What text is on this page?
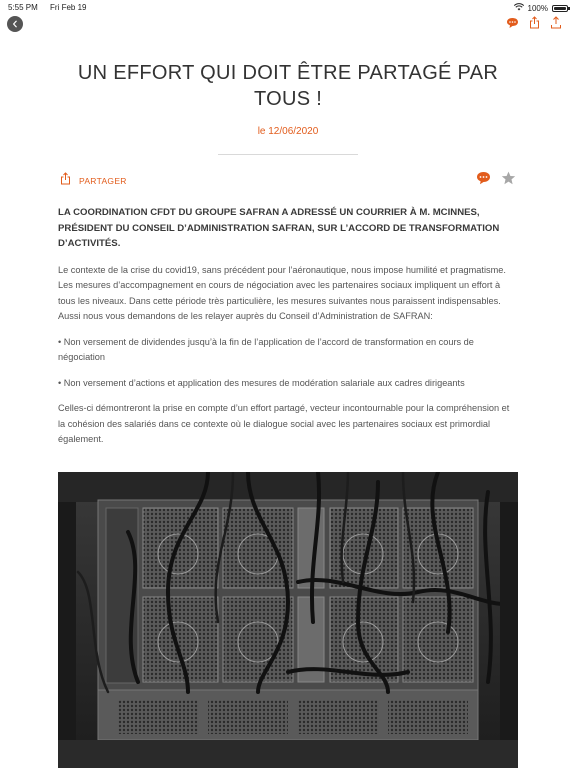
5:55 PM Fri Feb 19	100%
UN EFFORT QUI DOIT ÊTRE PARTAGÉ PAR TOUS !
le 12/06/2020
PARTAGER

LA COORDINATION CFDT DU GROUPE SAFRAN A ADRESSÉ UN COURRIER À M. MCINNES, PRÉSIDENT DU CONSEIL D’ADMINISTRATION SAFRAN, SUR L’ACCORD DE TRANSFORMATION D’ACTIVITÉS.

Le contexte de la crise du covid19, sans précédent pour l’aéronautique, nous impose humilité et pragmatisme. Les mesures d’accompagnement en cours de négociation avec les partenaires sociaux impliquent un effort à tous les niveaux. Dans cette période très particulière, les mesures suivantes nous paraissent indispensables. Aussi nous vous demandons de les relayer auprès du Conseil d’Administration de SAFRAN:

• Non versement de dividendes jusqu’à la fin de l’application de l’accord de transformation en cours de négociation

• Non versement d’actions et application des mesures de modération salariale aux cadres dirigeants

Celles-ci démontreront la prise en compte d’un effort partagé, vecteur incontournable pour la compréhension et la cohésion des salariés dans ce contexte où le dialogue social avec les partenaires sociaux est primordial également.
